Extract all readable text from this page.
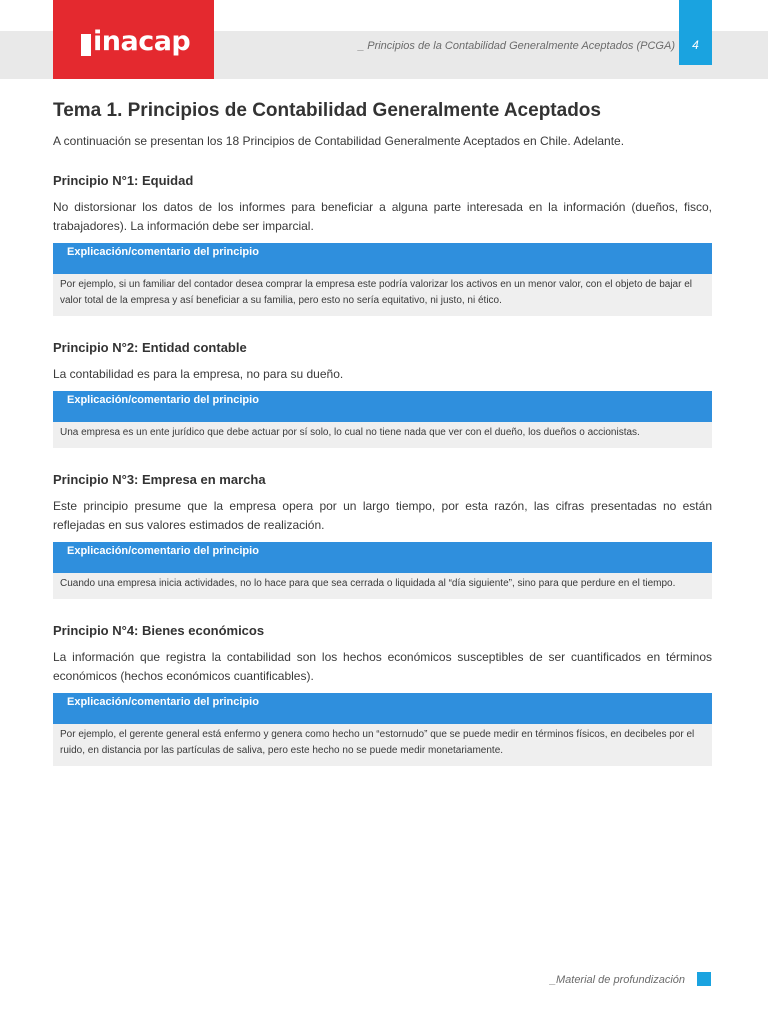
inacap	_ Principios de la Contabilidad Generalmente Aceptados (PCGA)	4
Tema 1. Principios de Contabilidad Generalmente Aceptados

A continuación se presentan los 18 Principios de Contabilidad Generalmente Aceptados en Chile. Adelante.

Principio N°1: Equidad

No distorsionar los datos de los informes para beneficiar a alguna parte interesada en la información (dueños, fisco, trabajadores). La información debe ser imparcial.

Explicación/comentario del principio
Por ejemplo, si un familiar del contador desea comprar la empresa este podría valorizar los activos en un menor valor, con el objeto de bajar el valor total de la empresa y así beneficiar a su familia, pero esto no sería equitativo, ni justo, ni ético.
Principio N°2: Entidad contable

La contabilidad es para la empresa, no para su dueño.

Explicación/comentario del principio
Una empresa es un ente jurídico que debe actuar por sí solo, lo cual no tiene nada que ver con el dueño, los dueños o accionistas.
Principio N°3: Empresa en marcha

Este principio presume que la empresa opera por un largo tiempo, por esta razón, las cifras presentadas no están reflejadas en sus valores estimados de realización.

Explicación/comentario del principio
Cuando una empresa inicia actividades, no lo hace para que sea cerrada o liquidada al “día siguiente”, sino para que perdure en el tiempo.
Principio N°4: Bienes económicos

La información que registra la contabilidad son los hechos económicos susceptibles de ser cuantificados en términos económicos (hechos económicos cuantificables).

Explicación/comentario del principio
Por ejemplo, el gerente general está enfermo y genera como hecho un “estornudo” que se puede medir en términos físicos, en decibeles por el ruido, en distancia por las partículas de saliva, pero este hecho no se puede medir monetariamente.
_Material de profundización
